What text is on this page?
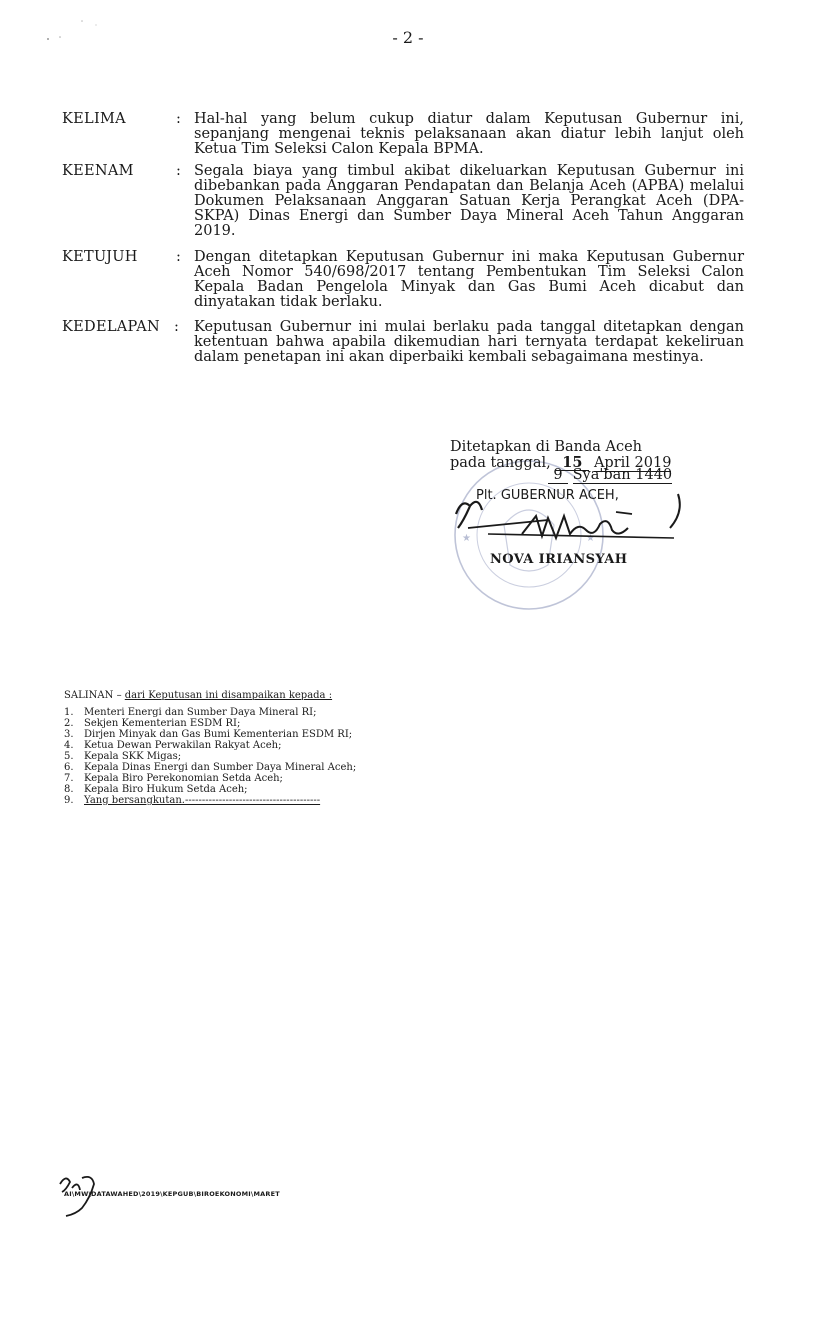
- 2 -
KELIMA	: Hal-hal yang belum cukup diatur dalam Keputusan Gubernur ini, sepanjang mengenai teknis pelaksanaan akan diatur lebih lanjut oleh Ketua Tim Seleksi Calon Kepala BPMA.
KEENAM	: Segala biaya yang timbul akibat dikeluarkan Keputusan Gubernur ini dibebankan pada Anggaran Pendapatan dan Belanja Aceh (APBA) melalui Dokumen Pelaksanaan Anggaran Satuan Kerja Perangkat Aceh (DPA-SKPA) Dinas Energi dan Sumber Daya Mineral Aceh Tahun Anggaran 2019.
KETUJUH	: Dengan ditetapkan Keputusan Gubernur ini maka Keputusan Gubernur Aceh Nomor 540/698/2017 tentang Pembentukan Tim Seleksi Calon Kepala Badan Pengelola Minyak dan Gas Bumi Aceh dicabut dan dinyatakan tidak berlaku.
KEDELAPAN : Keputusan Gubernur ini mulai berlaku pada tanggal ditetapkan dengan ketentuan bahwa apabila dikemudian hari ternyata terdapat kekeliruan dalam penetapan ini akan diperbaiki kembali sebagaimana mestinya.
★	★
Ditetapkan di Banda Aceh
pada tanggal, 15 April 2019
9 Sya'ban 1440
Plt. GUBERNUR ACEH,
NOVA IRIANSYAH
SALINAN – dari Keputusan ini disampaikan kepada :
1. Menteri Energi dan Sumber Daya Mineral RI;
2. Sekjen Kementerian ESDM RI;
3. Dirjen Minyak dan Gas Bumi Kementerian ESDM RI;
4. Ketua Dewan Perwakilan Rakyat Aceh;
5. Kepala SKK Migas;
6. Kepala Dinas Energi dan Sumber Daya Mineral Aceh;
7. Kepala Biro Perekonomian Setda Aceh;
8. Kepala Biro Hukum Setda Aceh;
9. Yang bersangkutan.----------------------------------------
AI\MW\DATAWAHED\2019\KEPGUB\BIROEKONOMI\MARET
